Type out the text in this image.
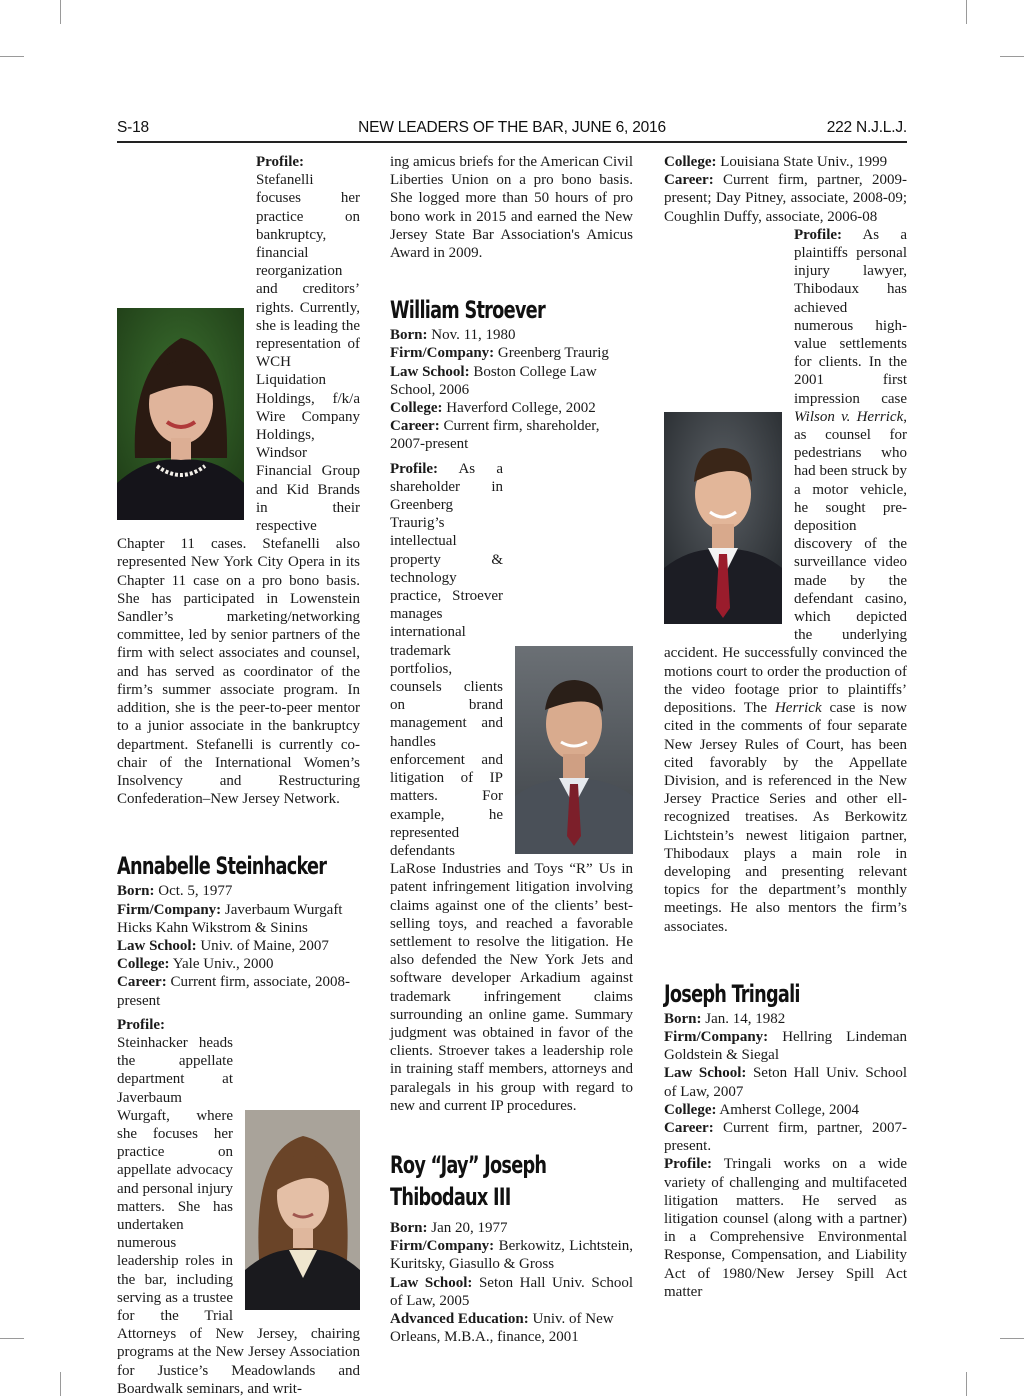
S-18	NEW LEADERS OF THE BAR, JUNE 6, 2016	222 N.J.L.J.

Profile: Stefanelli focuses her practice on bankruptcy, financial reorganization and creditors’ rights. Currently, she is leading the representation of WCH Liquidation Holdings, f/k/a Wire Company Holdings, Windsor Financial Group and Kid Brands in their respective Chapter 11 cases. Stefanelli also represented New York City Opera in its Chapter 11 case on a pro bono basis. She has participated in Lowenstein Sandler’s marketing/networking committee, led by senior partners of the firm with select associates and counsel, and has served as coordinator of the firm’s summer associate program. In addition, she is the peer-to-peer mentor to a junior associate in the bankruptcy department. Stefanelli is currently co-chair of the International Women’s Insolvency and Restructuring Confederation–New Jersey Network.

Annabelle Steinhacker

Born: Oct. 5, 1977

Firm/Company: Javerbaum Wurgaft Hicks Kahn Wikstrom & Sinins

Law School: Univ. of Maine, 2007

College: Yale Univ., 2000

Career: Current firm, associate, 2008-present

Profile: Steinhacker heads the appellate department at Javerbaum Wurgaft, where she focuses her practice on appellate advocacy and personal injury matters. She has undertaken numerous leadership roles in the bar, including serving as a trustee for the Trial Attorneys of New Jersey, chairing programs at the New Jersey Association for Justice’s Meadowlands and Boardwalk seminars, and writ-

ing amicus briefs for the American Civil Liberties Union on a pro bono basis. She logged more than 50 hours of pro bono work in 2015 and earned the New Jersey State Bar Association's Amicus Award in 2009.

William Stroever

Born: Nov. 11, 1980

Firm/Company: Greenberg Traurig

Law School: Boston College Law School, 2006

College: Haverford College, 2002

Career: Current firm, shareholder, 2007-present

Profile: As a shareholder in Greenberg Traurig’s intellectual property & technology practice, Stroever manages international trademark portfolios, counsels clients on brand management and handles enforcement and litigation of IP matters. For example, he represented defendants LaRose Industries and Toys “R” Us in patent infringement litigation involving claims against one of the clients’ best-selling toys, and reached a favorable settlement to resolve the litigation. He also defended the New York Jets and software developer Arkadium against trademark infringement claims surrounding an online game. Summary judgment was obtained in favor of the clients. Stroever takes a leadership role in training staff members, attorneys and paralegals in his group with regard to new and current IP procedures.

Roy “Jay” Joseph
Thibodaux III

Born: Jan 20, 1977

Firm/Company: Berkowitz, Lichtstein, Kuritsky, Giasullo & Gross

Law School: Seton Hall Univ. School of Law, 2005

Advanced Education: Univ. of New Orleans, M.B.A., finance, 2001

College: Louisiana State Univ., 1999

Career: Current firm, partner, 2009-present; Day Pitney, associate, 2008-09; Coughlin Duffy, associate, 2006-08

Profile: As a plaintiffs personal injury lawyer, Thibodaux has achieved numerous high-value settlements for clients. In the 2001 first impression case Wilson v. Herrick, as counsel for pedestrians who had been struck by a motor vehicle, he sought pre-deposition discovery of the surveillance video made by the defendant casino, which depicted the underlying accident. He successfully convinced the motions court to order the production of the video footage prior to plaintiffs’ depositions. The Herrick case is now cited in the comments of four separate New Jersey Rules of Court, has been cited favorably by the Appellate Division, and is referenced in the New Jersey Practice Series and other ell-recognized treatises. As Berkowitz Lichtstein’s newest litigaion partner, Thibodaux plays a main role in developing and presenting relevant topics for the department’s monthly meetings. He also mentors the firm’s associates.

Joseph Tringali

Born: Jan. 14, 1982

Firm/Company: Hellring Lindeman Goldstein & Siegal

Law School: Seton Hall Univ. School of Law, 2007

College: Amherst College, 2004

Career: Current firm, partner, 2007-present.

Profile: Tringali works on a wide variety of challenging and multifaceted litigation matters. He served as litigation counsel (along with a partner) in a Comprehensive Environmental Response, Compensation, and Liability Act of 1980/New Jersey Spill Act matter
